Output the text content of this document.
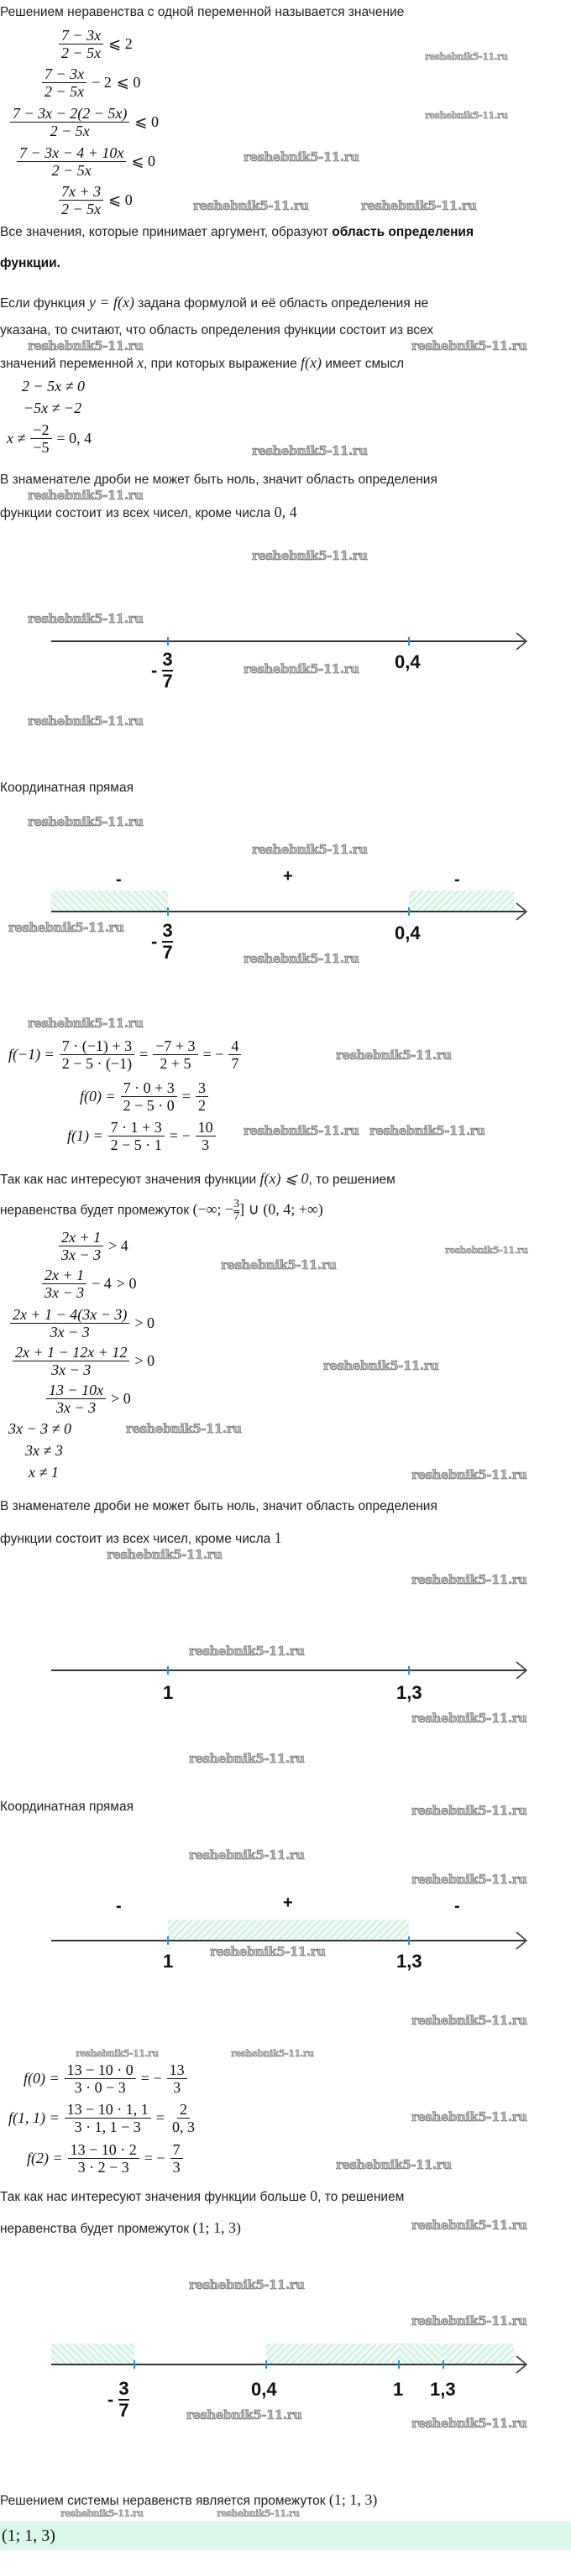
Решением неравенства с одной переменной называется значение
$\frac{7 - 3x}{2 - 5x}$ ⩽ 2
$\frac{7 - 3x}{2 - 5x} - 2$ ⩽ 0
$\frac{7 - 3x - 2(2 - 5x)}{2 - 5x}$ ⩽ 0
$\frac{7 - 3x - 4 + 10x}{2 - 5x}$ ⩽ 0
$\frac{7x + 3}{2 - 5x}$ ⩽ 0
Все значения, которые принимает аргумент, образуют область определения
функции.
Если функция y = f(x) задана формулой и её область определения не
указана, то считают, что область определения функции состоит из всех
значений переменной x, при которых выражение f(x) имеет смысл
2 − 5x ≠ 0
−5x ≠ −2
$x \ne \frac{-2}{-5} = 0$, 4
В знаменателе дроби не может быть ноль, значит область определения
функции состоит из всех чисел, кроме числа 0, 4
- $\frac{3}{7}$	0,4
Координатная прямая
-	+	-
- $\frac{3}{7}$	0,4
$f(-1) = \frac{7 \cdot (-1) + 3}{2 - 5 \cdot (-1)} = \frac{-7 + 3}{2 + 5}$ = − $\frac{4}{7}$
$f(0) = \frac{7 \cdot 0 + 3}{2 - 5 \cdot 0} = \frac{3}{2}$
$f(1) = \frac{7 \cdot 1 + 3}{2 - 5 \cdot 1}$ = − $\frac{10}{3}$
Так как нас интересуют значения функции f(x) ⩽ 0, то решением
неравенства будет промежуток (−∞; − $\frac{3}{7}$ ] ∪ (0, 4; +∞)
$\frac{2x + 1}{3x - 3} > 4$
$\frac{2x + 1}{3x - 3} - 4 > 0$
$\frac{2x + 1 - 4(3x - 3)}{3x - 3} > 0$
$\frac{2x + 1 - 12x + 12}{3x - 3} > 0$
$\frac{13 - 10x}{3x - 3} > 0$
3x − 3 ≠ 0
3x ≠ 3
x ≠ 1
В знаменателе дроби не может быть ноль, значит область определения
функции состоит из всех чисел, кроме числа 1
1	1,3
Координатная прямая
-	+	-
1	1,3
$f(0) = \frac{13 - 10 \cdot 0}{3 \cdot 0 - 3}$ = − $\frac{13}{3}$
f(1, $1) = \frac{13 - 10 \cdot 1, 1}{3 \cdot 1, 1 - 3} = \frac{2}{0, 3}$
$f(2) = \frac{13 - 10 \cdot 2}{3 \cdot 2 - 3}$ = − $\frac{7}{3}$
Так как нас интересуют значения функции больше 0, то решением
неравенства будет промежуток (1; 1, 3)
- $\frac{3}{7}$	0,4	1 1,3
Решением системы неравенств является промежуток (1; 1, 3)
(1; 1, 3)
reshebnik5-11.ru
reshebnik5-11.ru
reshebnik5-11.ru
reshebnik5-11.ru	reshebnik5-11.ru
reshebnik5-11.ru	reshebnik5-11.ru
reshebnik5-11.ru
reshebnik5-11.ru
reshebnik5-11.ru
reshebnik5-11.ru
reshebnik5-11.ru
reshebnik5-11.ru
reshebnik5-11.ru
reshebnik5-11.ru
reshebnik5-11.ru
reshebnik5-11.ru
reshebnik5-11.ru
reshebnik5-11.ru
reshebnik5-11.ru reshebnik5-11.ru
reshebnik5-11.ru
reshebnik5-11.ru
reshebnik5-11.ru
reshebnik5-11.ru
reshebnik5-11.ru
reshebnik5-11.ru
reshebnik5-11.ru
reshebnik5-11.ru
reshebnik5-11.ru
reshebnik5-11.ru
reshebnik5-11.ru
reshebnik5-11.ru
reshebnik5-11.ru
reshebnik5-11.ru
reshebnik5-11.ru
reshebnik5-11.ru	reshebnik5-11.ru
reshebnik5-11.ru
reshebnik5-11.ru
reshebnik5-11.ru
reshebnik5-11.ru
reshebnik5-11.ru
reshebnik5-11.ru
reshebnik5-11.ru
reshebnik5-11.ru	reshebnik5-11.ru
